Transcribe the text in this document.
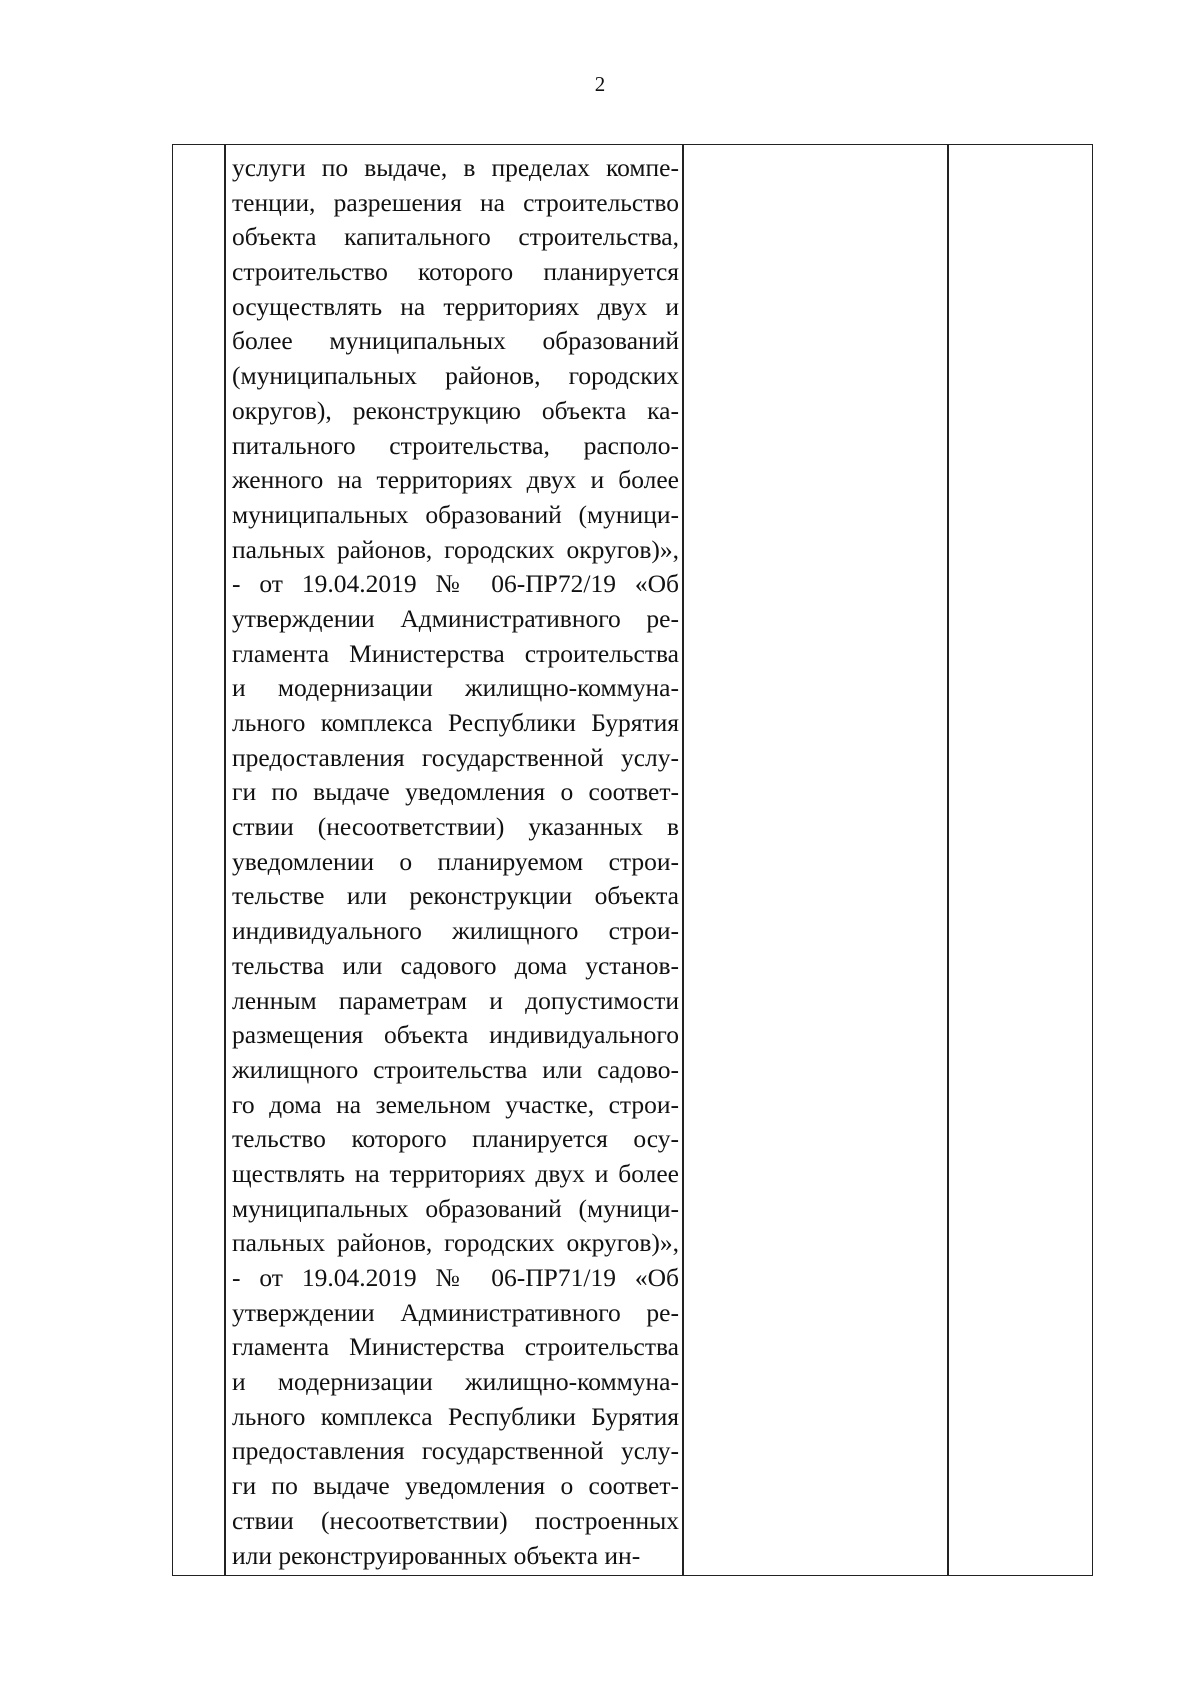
2
услуги по выдаче, в пределах компе-
тенции, разрешения на строительство
объекта капитального строительства,
строительство которого планируется
осуществлять на территориях двух и
более муниципальных образований
(муниципальных районов, городских
округов), реконструкцию объекта ка-
питального строительства, располо-
женного на территориях двух и более
муниципальных образований (муници-
пальных районов, городских округов)»,
- от 19.04.2019 № 06-ПР72/19 «Об
утверждении Административного ре-
гламента Министерства строительства
и модернизации жилищно-коммуна-
льного комплекса Республики Бурятия
предоставления государственной услу-
ги по выдаче уведомления о соответ-
ствии (несоответствии) указанных в
уведомлении о планируемом строи-
тельстве или реконструкции объекта
индивидуального жилищного строи-
тельства или садового дома установ-
ленным параметрам и допустимости
размещения объекта индивидуального
жилищного строительства или садово-
го дома на земельном участке, строи-
тельство которого планируется осу-
ществлять на территориях двух и более
муниципальных образований (муници-
пальных районов, городских округов)»,
- от 19.04.2019 № 06-ПР71/19 «Об
утверждении Административного ре-
гламента Министерства строительства
и модернизации жилищно-коммуна-
льного комплекса Республики Бурятия
предоставления государственной услу-
ги по выдаче уведомления о соответ-
ствии (несоответствии) построенных
или реконструированных объекта ин-
